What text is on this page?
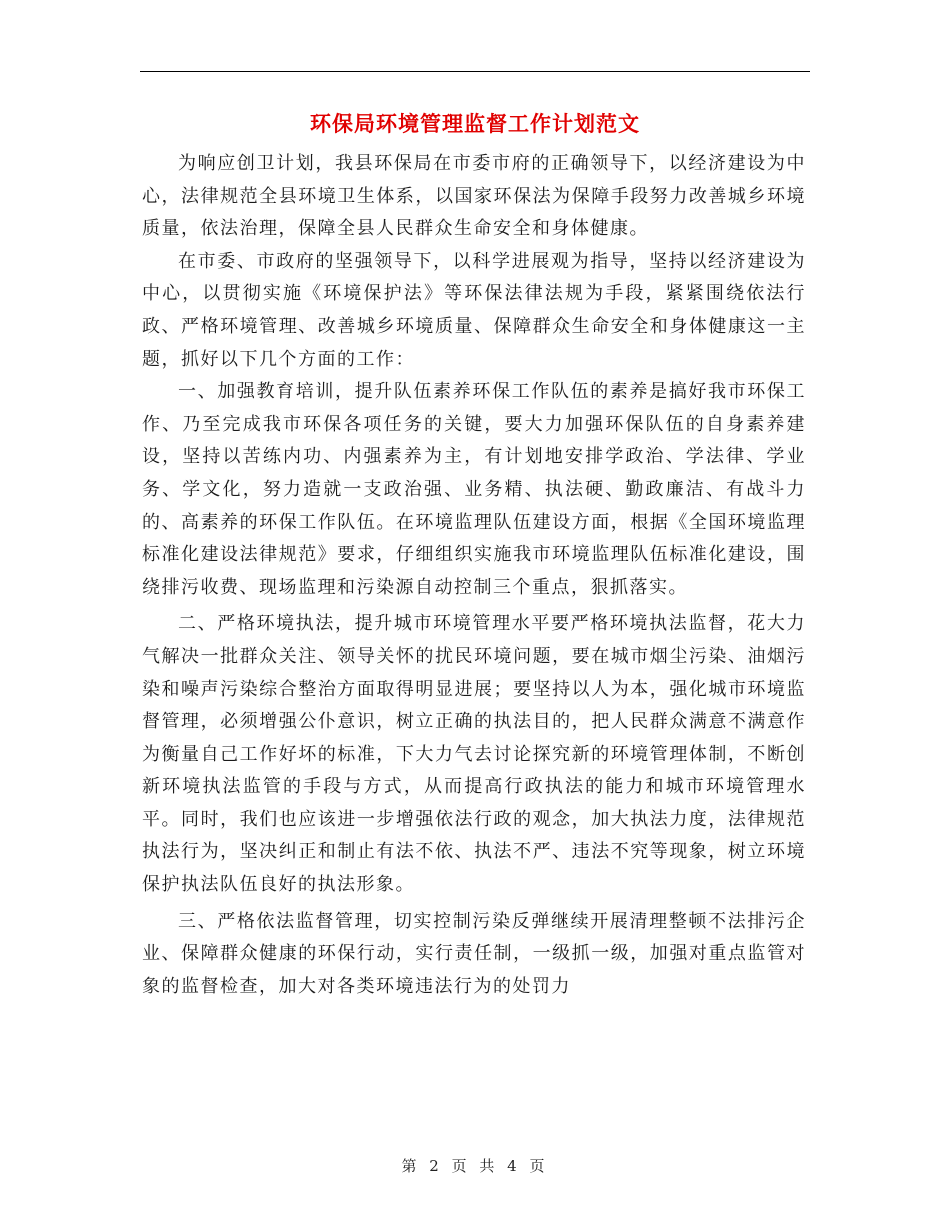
环保局环境管理监督工作计划范文

为响应创卫计划，我县环保局在市委市府的正确领导下，以经济建设为中心，法律规范全县环境卫生体系，以国家环保法为保障手段努力改善城乡环境质量，依法治理，保障全县人民群众生命安全和身体健康。

在市委、市政府的坚强领导下，以科学进展观为指导，坚持以经济建设为中心，以贯彻实施《环境保护法》等环保法律法规为手段，紧紧围绕依法行政、严格环境管理、改善城乡环境质量、保障群众生命安全和身体健康这一主题，抓好以下几个方面的工作：

一、加强教育培训，提升队伍素养环保工作队伍的素养是搞好我市环保工作、乃至完成我市环保各项任务的关键，要大力加强环保队伍的自身素养建设，坚持以苦练内功、内强素养为主，有计划地安排学政治、学法律、学业务、学文化，努力造就一支政治强、业务精、执法硬、勤政廉洁、有战斗力的、高素养的环保工作队伍。在环境监理队伍建设方面，根据《全国环境监理标准化建设法律规范》要求，仔细组织实施我市环境监理队伍标准化建设，围绕排污收费、现场监理和污染源自动控制三个重点，狠抓落实。

二、严格环境执法，提升城市环境管理水平要严格环境执法监督，花大力气解决一批群众关注、领导关怀的扰民环境问题，要在城市烟尘污染、油烟污染和噪声污染综合整治方面取得明显进展；要坚持以人为本，强化城市环境监督管理，必须增强公仆意识，树立正确的执法目的，把人民群众满意不满意作为衡量自己工作好坏的标准，下大力气去讨论探究新的环境管理体制，不断创新环境执法监管的手段与方式，从而提高行政执法的能力和城市环境管理水平。同时，我们也应该进一步增强依法行政的观念，加大执法力度，法律规范执法行为，坚决纠正和制止有法不依、执法不严、违法不究等现象，树立环境保护执法队伍良好的执法形象。

三、严格依法监督管理，切实控制污染反弹继续开展清理整顿不法排污企业、保障群众健康的环保行动，实行责任制，一级抓一级，加强对重点监管对象的监督检查，加大对各类环境违法行为的处罚力

第 2 页 共 4 页
